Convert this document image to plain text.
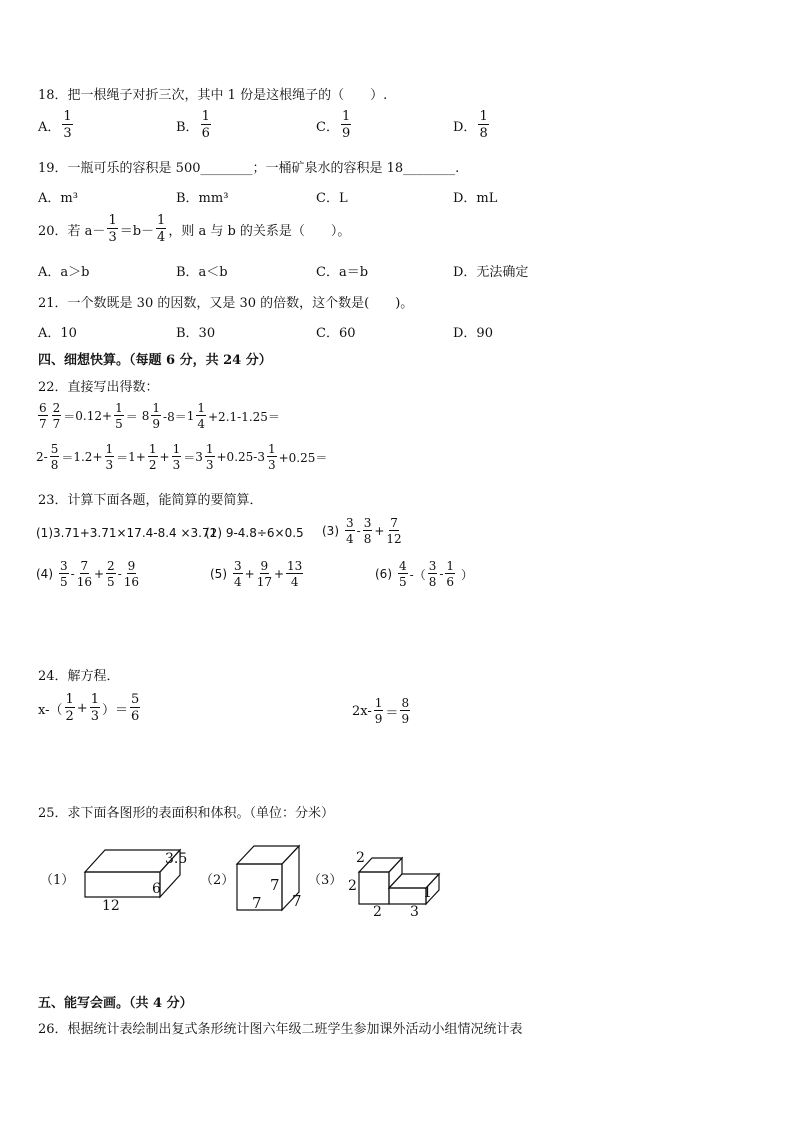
18．把一根绳子对折三次，其中 1 份是这根绳子的（　　）.
A． $\frac{1}{3}$	B． $\frac{1}{6}$	C． $\frac{1}{9}$	D． $\frac{1}{8}$
19．一瓶可乐的容积是 500________；一桶矿泉水的容积是 18________.
A．m³	B．mm³	C．L	D．mL
20．若 $a- \frac{1}{3} =b- \frac{1}{4}$ ，则 a 与 b 的关系是（　　）。
A．a＞b	B．a＜b	C．a＝b	D．无法确定
21．一个数既是 30 的因数，又是 30 的倍数，这个数是(　　)。
A．10	B．30	C．60	D．90
四、细想快算。（每题 6 分，共 24 分）
22．直接写出得数：
$\frac{6}{7} \frac{2}{7} = 0.12+ \frac{1}{5} = 8 \frac{1}{9} -8= 1 \frac{1}{4} +2.1-1.25=$
$2- \frac{5}{8} = 1.2+ \frac{1}{3} = 1+ \frac{1}{2} + \frac{1}{3} = 3 \frac{1}{3} +0.25-3 \frac{1}{3} +0.25=$
23．计算下面各题，能简算的要简算．
(1)3.71+3.71×17.4-8.4 ×3.71
(2) 9-4.8÷6×0.5 $(3) \frac{3}{4} - \frac{3}{8} + \frac{7}{12}$
$(4) \frac{3}{5} - \frac{7}{16} + \frac{2}{5} - \frac{9}{16}$	$(5) \frac{3}{4} + \frac{9}{17} + \frac{13}{4}$	$(6) \frac{4}{5}$ -（ $\frac{3}{8} - \frac{1}{6}$ ）
24．解方程．
$x-( \frac{1}{2} + \frac{1}{3}$ ）＝ $\frac{5}{6}$	$2x- \frac{1}{9} = \frac{8}{9}$
25．求下面各图形的表面积和体积。（单位：分米）
（1）
12
6
3.5
（2） 7
7 7
（3）
2
2
2 3
1
五、能写会画。（共 4 分）
26．根据统计表绘制出复式条形统计图六年级二班学生参加课外活动小组情况统计表
